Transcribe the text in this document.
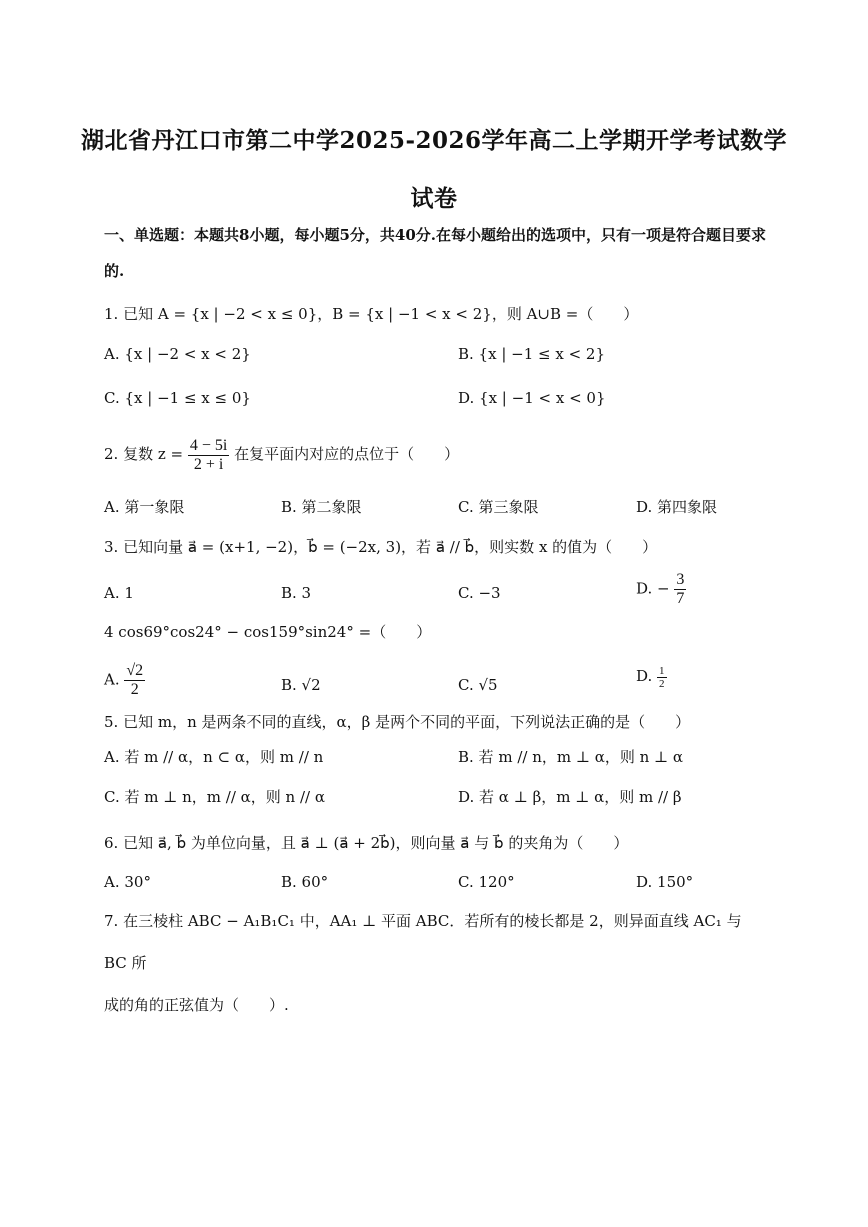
湖北省丹江口市第二中学2025-2026学年高二上学期开学考试数学
试卷
一、单选题：本题共8小题，每小题5分，共40分.在每小题给出的选项中，只有一项是符合题目要求的.
1. 已知 A = {x | −2 < x ≤ 0}，B = {x | −1 < x < 2}，则 A∪B =（　　）
A. {x | −2 < x < 2}	B. {x | −1 ≤ x < 2}
C. {x | −1 ≤ x ≤ 0}	D. {x | −1 < x < 0}
2. 复数 $z = \frac{4 - 5i}{2 + i}$ 在复平面内对应的点位于（　　）
A. 第一象限	B. 第二象限	C. 第三象限	D. 第四象限
3. 已知向量 a⃗ = (x+1, −2)，b⃗ = (−2x, 3)，若 a⃗ // b⃗，则实数 x 的值为（　　）
A. 1	B. 3	C. −3	D. − $\frac{3}{7}$
4 cos69°cos24° − cos159°sin24° =（　　）
A. $\frac{√2}{2}$	B. √2	C. √5	D. $\frac{1}{2}$
5. 已知 m，n 是两条不同的直线，α，β 是两个不同的平面，下列说法正确的是（　　）
A. 若 m // α，n ⊂ α，则 m // n	B. 若 m // n，m ⊥ α，则 n ⊥ α
C. 若 m ⊥ n，m // α，则 n // α	D. 若 α ⊥ β，m ⊥ α，则 m // β
6. 已知 a⃗, b⃗ 为单位向量，且 a⃗ ⊥ (a⃗ + 2b⃗)，则向量 a⃗ 与 b⃗ 的夹角为（　　）
A. 30°	B. 60°	C. 120°	D. 150°
7. 在三棱柱 ABC − A₁B₁C₁ 中，AA₁ ⊥ 平面 ABC．若所有的棱长都是 2，则异面直线 AC₁ 与 BC 所
成的角的正弦值为（　　）.
